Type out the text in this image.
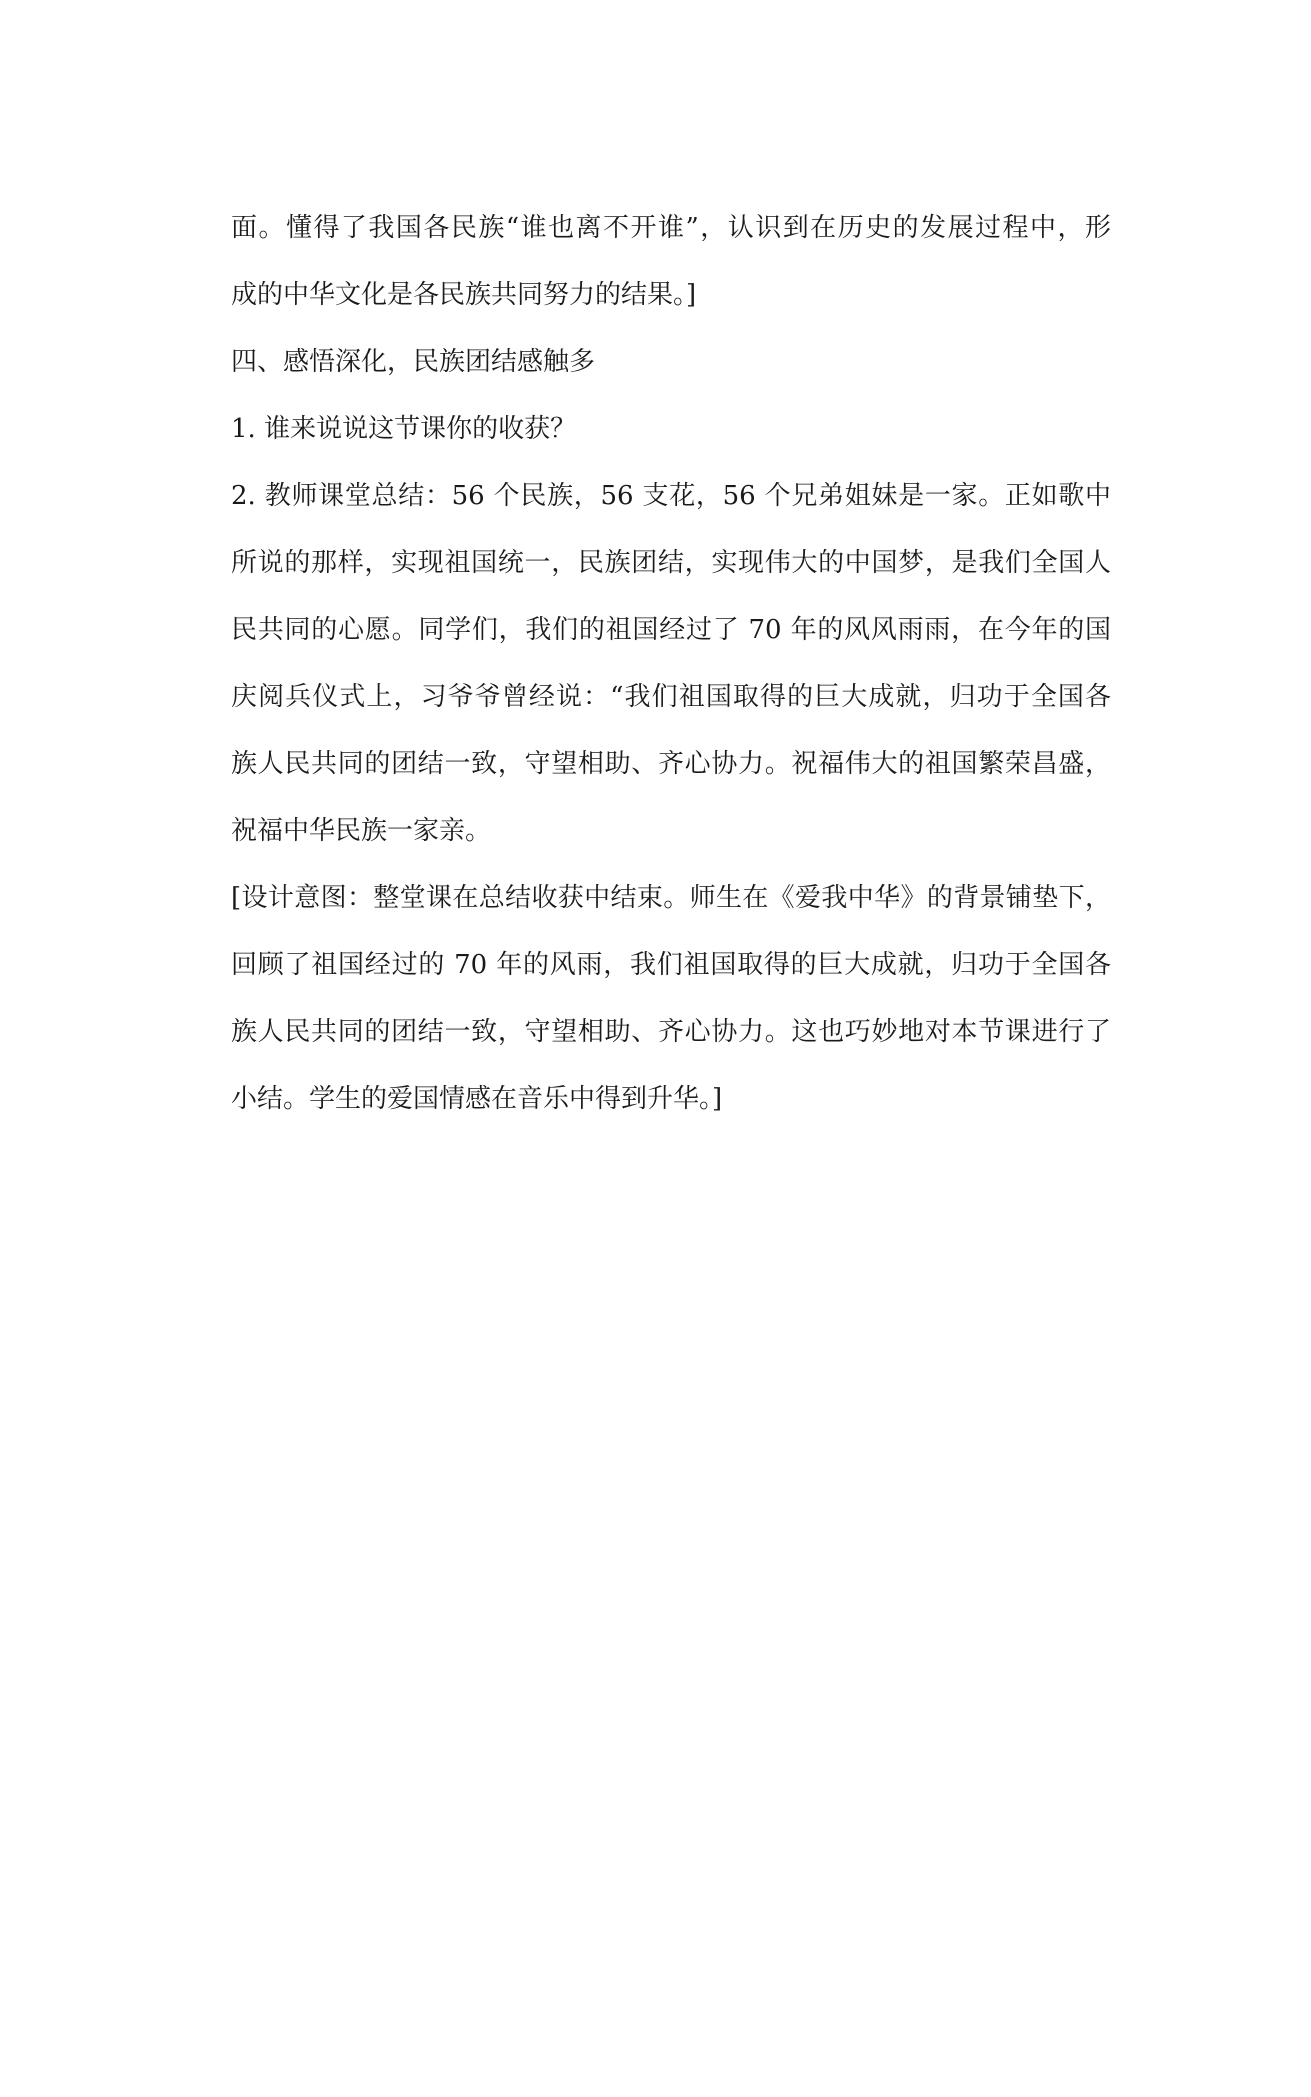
面。懂得了我国各民族“谁也离不开谁”，认识到在历史的发展过程中，形
成的中华文化是各民族共同努力的结果。]
四、感悟深化，民族团结感触多
1. 谁来说说这节课你的收获？
2. 教师课堂总结：56 个民族，56 支花，56 个兄弟姐妹是一家。正如歌中
所说的那样，实现祖国统一，民族团结，实现伟大的中国梦，是我们全国人
民共同的心愿。同学们，我们的祖国经过了 70 年的风风雨雨，在今年的国
庆阅兵仪式上，习爷爷曾经说：“我们祖国取得的巨大成就，归功于全国各
族人民共同的团结一致，守望相助、齐心协力。祝福伟大的祖国繁荣昌盛，
祝福中华民族一家亲。
[设计意图：整堂课在总结收获中结束。师生在《爱我中华》的背景铺垫下，
回顾了祖国经过的 70 年的风雨，我们祖国取得的巨大成就，归功于全国各
族人民共同的团结一致，守望相助、齐心协力。这也巧妙地对本节课进行了
小结。学生的爱国情感在音乐中得到升华。]
